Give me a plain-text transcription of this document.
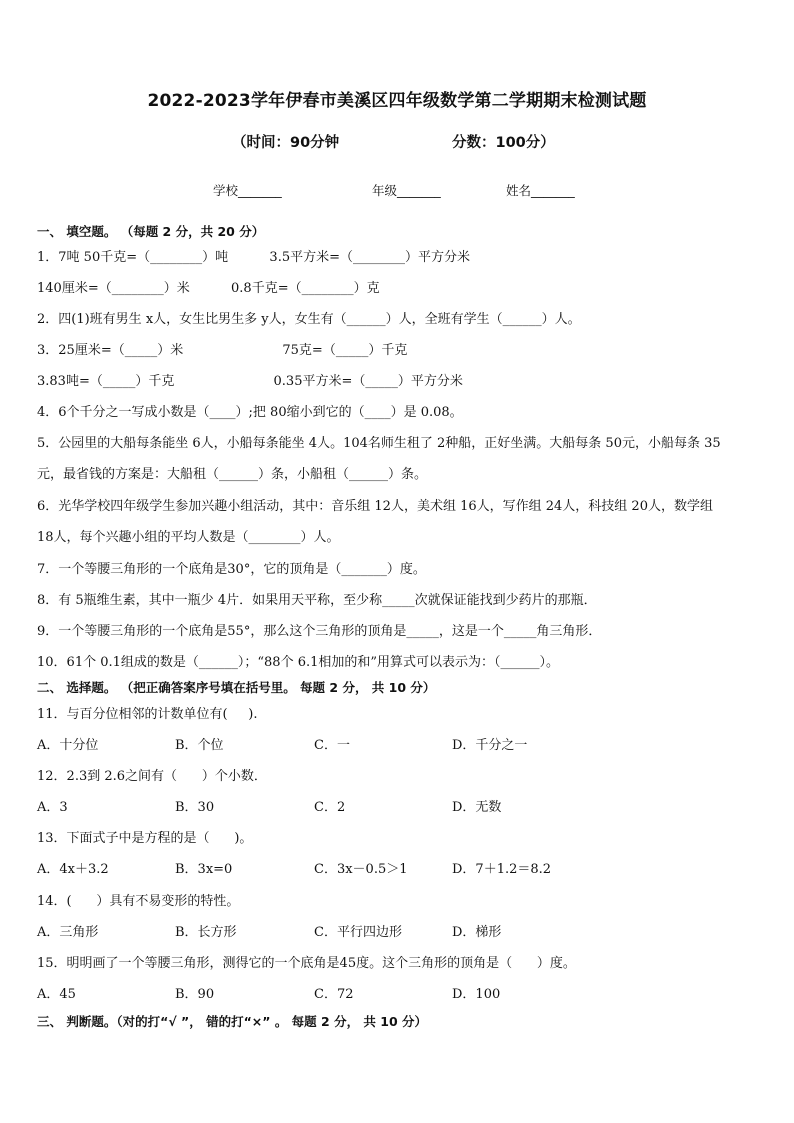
2022-2023学年伊春市美溪区四年级数学第二学期期末检测试题
（时间：90分钟	分数：100分）
学校_______	年级_______	姓名_______
一、 填空题。 （每题 2 分，共 20 分）
1．7吨 50千克=（________）吨          3.5平方米=（________）平方分米
140厘米=（________）米          0.8千克=（________）克
2．四(1)班有男生 x人，女生比男生多 y人，女生有（______）人，全班有学生（______）人。
3．25厘米=（_____）米                        75克=（_____）千克
3.83吨=（_____）千克                        0.35平方米=（_____）平方分米
4．6个千分之一写成小数是（____）;把 80缩小到它的（____）是 0.08。
5．公园里的大船每条能坐 6人，小船每条能坐 4人。104名师生租了 2种船，正好坐满。大船每条 50元，小船每条 35
元，最省钱的方案是：大船租（______）条，小船租（______）条。
6．光华学校四年级学生参加兴趣小组活动，其中：音乐组 12人，美术组 16人，写作组 24人，科技组 20人，数学组
18人，每个兴趣小组的平均人数是（________）人。
7．一个等腰三角形的一个底角是30°，它的顶角是（_______）度。
8．有 5瓶维生素，其中一瓶少 4片．如果用天平称，至少称_____次就保证能找到少药片的那瓶．
9．一个等腰三角形的一个底角是55°，那么这个三角形的顶角是_____，这是一个_____角三角形．
10．61个 0.1组成的数是（______）；“88个 6.1相加的和”用算式可以表示为：（______）。
二、 选择题。 （把正确答案序号填在括号里。 每题 2 分， 共 10 分）
11．与百分位相邻的计数单位有(     ).
A．十分位	B．个位	C．一	D．千分之一
12．2.3到 2.6之间有（      ）个小数．
A．3	B．30	C．2	D．无数
13．下面式子中是方程的是（      )。
A．4x＋3.2	B．3x=0	C．3x－0.5＞1	D．7＋1.2＝8.2
14．(      ）具有不易变形的特性。
A．三角形	B．长方形	C．平行四边形	D．梯形
15．明明画了一个等腰三角形，测得它的一个底角是45度。这个三角形的顶角是（      ）度。
A．45	B．90	C．72	D．100
三、 判断题。（对的打“√ ”， 错的打“×” 。 每题 2 分， 共 10 分）
